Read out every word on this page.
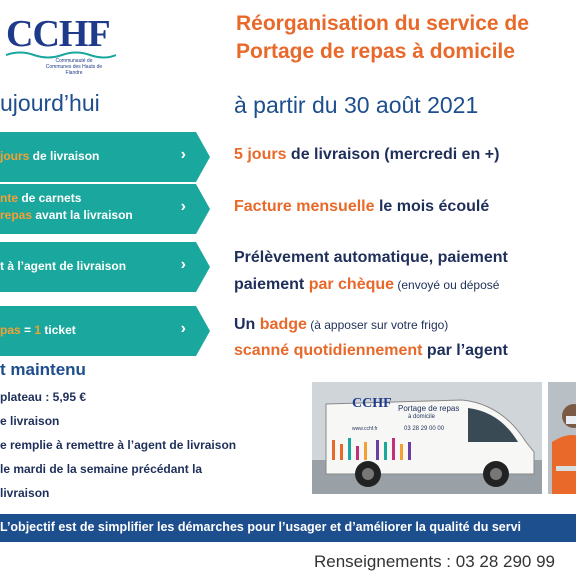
CCHF
Communauté de Communes des Hauts de Flandre
Réorganisation du service de
Portage de repas à domicile
ujourd’hui	à partir du 30 août 2021
jours de livraison	›
nte de carnets
repas avant la livraison	›
t à l’agent de livraison	›
pas = 1 ticket	›
5 jours de livraison (mercredi en +)
Facture mensuelle le mois écoulé
Prélèvement automatique, paiement
paiement par chèque (envoyé ou déposé
Un badge (à apposer sur votre frigo)
scanné quotidiennement par l’agent
t maintenu
plateau : 5,95 €
e livraison
e remplie à remettre à l’agent de livraison
le mardi de la semaine précédant la
livraison
CCHF Portage de repas
à domicile
03 28 29 00 00
www.cchf.fr
L’objectif est de simplifier les démarches pour l’usager et d’améliorer la qualité du servi
Renseignements : 03 28 290 99
